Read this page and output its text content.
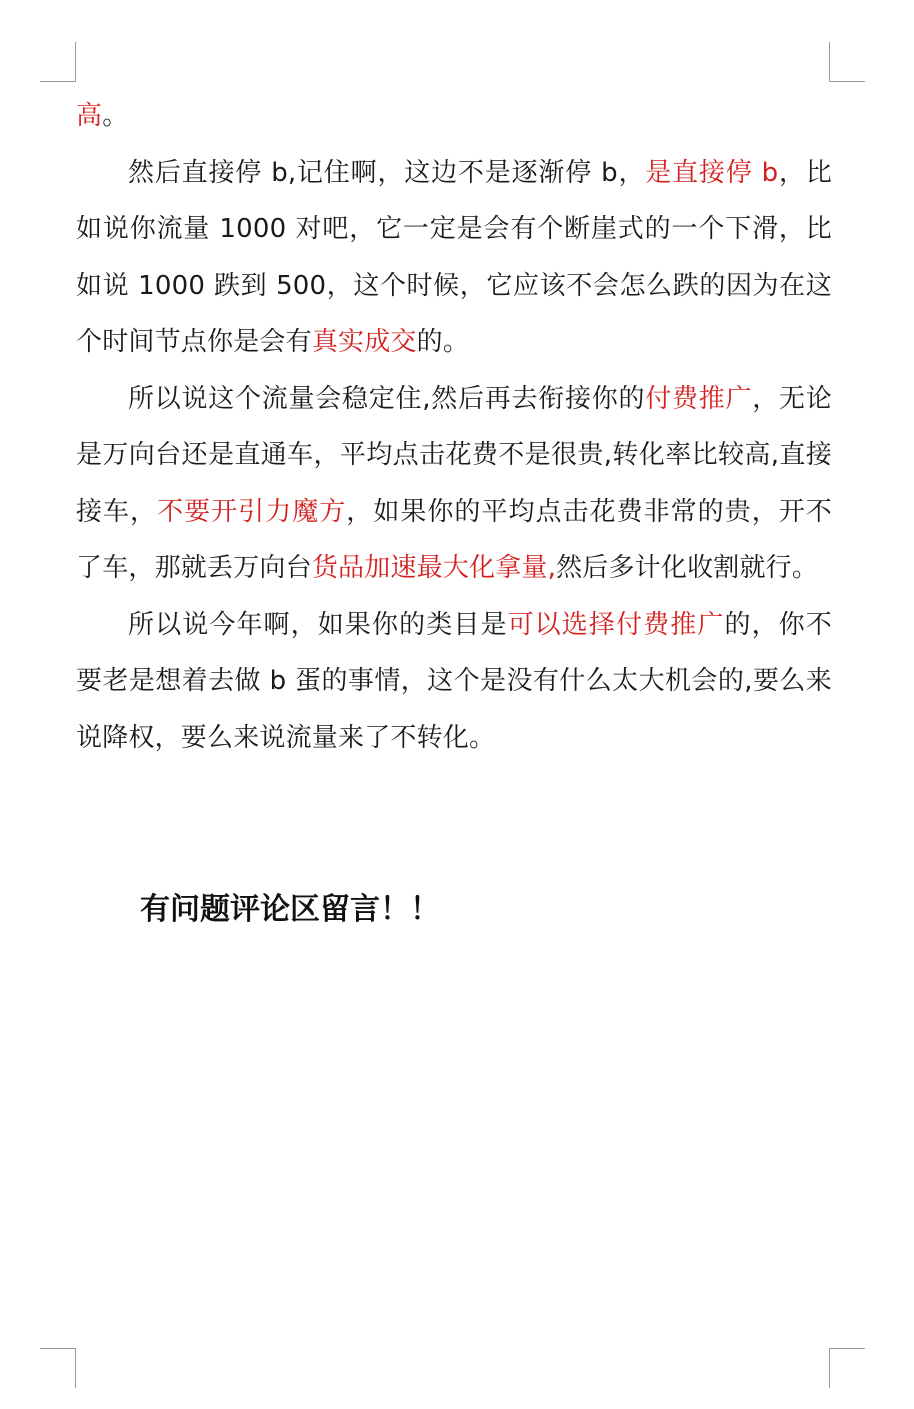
高。

然后直接停 b,记住啊，这边不是逐渐停 b，是直接停 b，比如说你流量 1000 对吧，它一定是会有个断崖式的一个下滑，比如说 1000 跌到 500，这个时候，它应该不会怎么跌的因为在这个时间节点你是会有真实成交的。

所以说这个流量会稳定住,然后再去衔接你的付费推广，无论是万向台还是直通车，平均点击花费不是很贵,转化率比较高,直接接车，不要开引力魔方，如果你的平均点击花费非常的贵，开不了车，那就丢万向台货品加速最大化拿量,然后多计化收割就行。

所以说今年啊，如果你的类目是可以选择付费推广的，你不要老是想着去做 b 蛋的事情，这个是没有什么太大机会的,要么来说降权，要么来说流量来了不转化。

有问题评论区留言！！
